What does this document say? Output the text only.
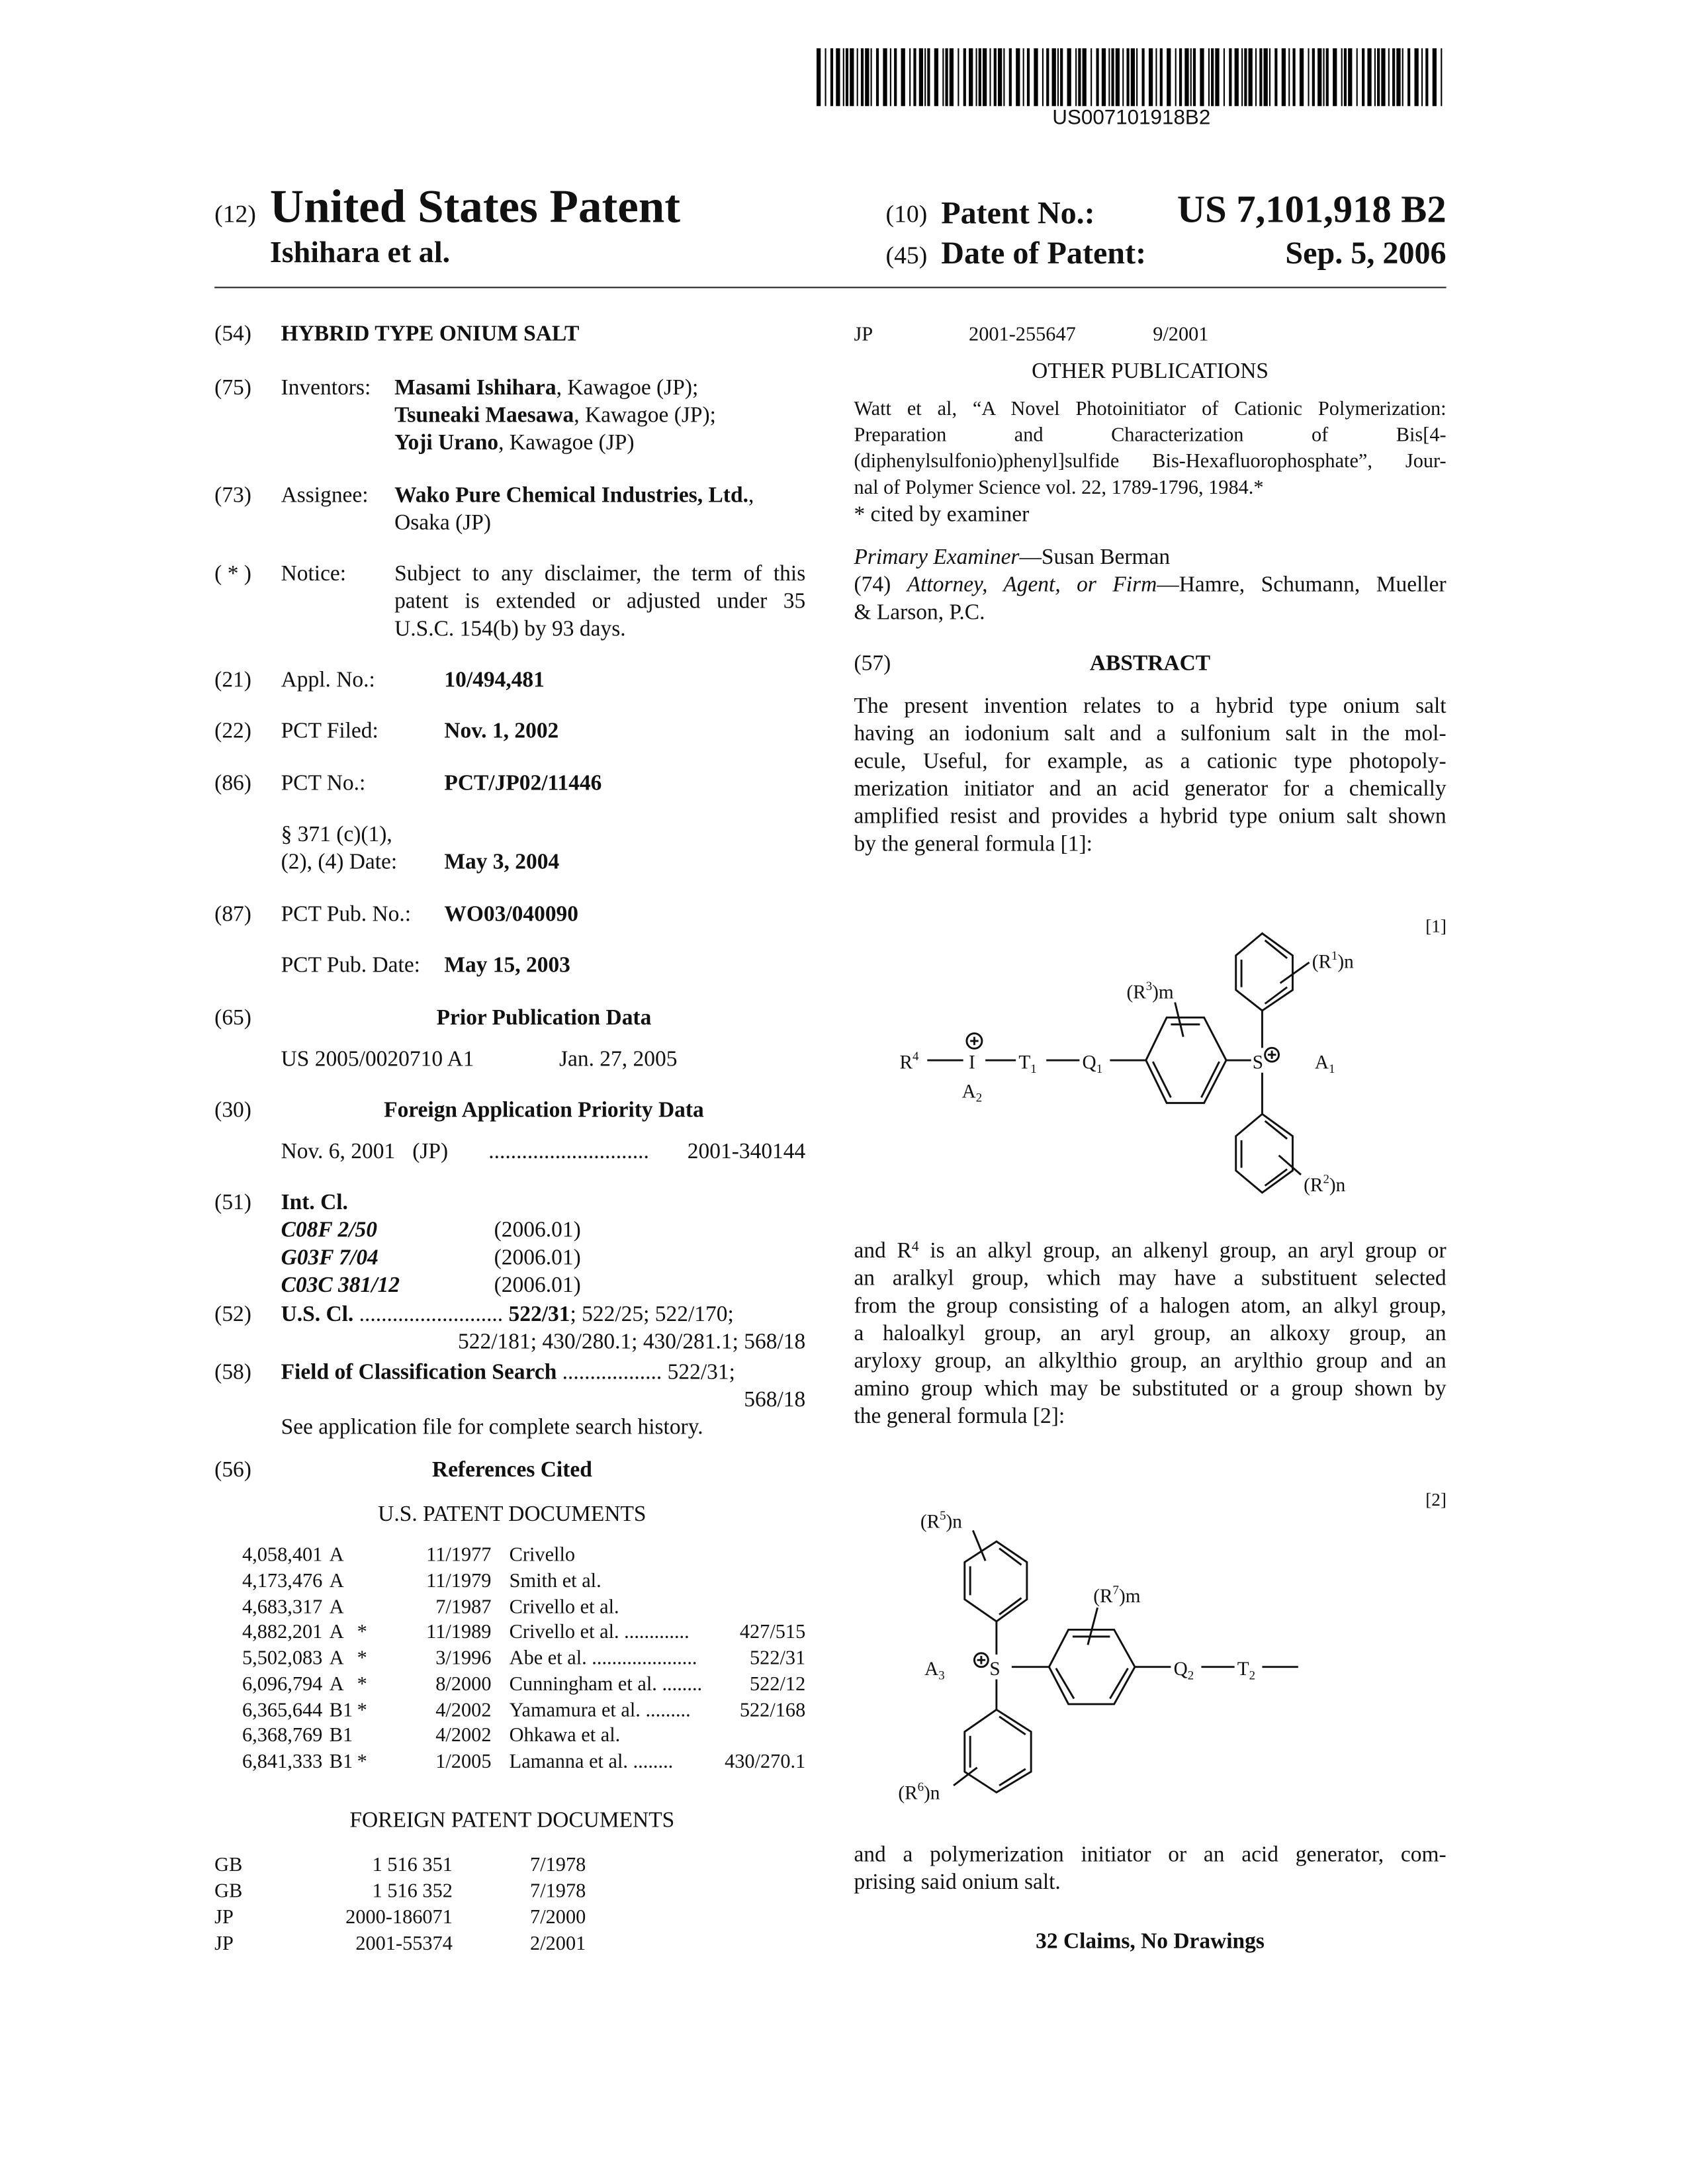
US007101918B2
(12) United States Patent
Ishihara et al.
(10) Patent No.:	US 7,101,918 B2
(45) Date of Patent:	Sep. 5, 2006
(54)	HYBRID TYPE ONIUM SALT
(75)	Inventors: Masami Ishihara, Kawagoe (JP);
Tsuneaki Maesawa, Kawagoe (JP);
Yoji Urano, Kawagoe (JP)
(73)	Assignee: Wako Pure Chemical Industries, Ltd.,
Osaka (JP)
( * )	Notice:	Subject to any disclaimer, the term of this
patent is extended or adjusted under 35
U.S.C. 154(b) by 93 days.
(21)	Appl. No.:	10/494,481
(22)	PCT Filed:	Nov. 1, 2002
(86)	PCT No.:	PCT/JP02/11446
§ 371 (c)(1),
(2), (4) Date:	May 3, 2004
(87)	PCT Pub. No.:	WO03/040090
PCT Pub. Date: May 15, 2003
(65)	Prior Publication Data
US 2005/0020710 A1	Jan. 27, 2005
(30)	Foreign Application Priority Data
Nov. 6, 2001 (JP)	.............................	2001-340144
(51)	Int. Cl.
C08F 2/50	(2006.01)
G03F 7/04	(2006.01)
C03C 381/12	(2006.01)
(52)	U.S. Cl. .......................... 522/31; 522/25; 522/170;
522/181; 430/280.1; 430/281.1; 568/18
(58)	Field of Classification Search .................. 522/31;
568/18
See application file for complete search history.
(56)	References Cited
U.S. PATENT DOCUMENTS
4,058,401 A	11/1977 Crivello
4,173,476 A	11/1979 Smith et al.
4,683,317 A	7/1987 Crivello et al.
4,882,201 A *	11/1989 Crivello et al. .............	427/515
5,502,083 A *	3/1996 Abe et al. .....................	522/31
6,096,794 A *	8/2000 Cunningham et al. ........	522/12
6,365,644 B1 *	4/2002 Yamamura et al. .........	522/168
6,368,769 B1	4/2002 Ohkawa et al.
6,841,333 B1 *	1/2005 Lamanna et al. ........	430/270.1
FOREIGN PATENT DOCUMENTS
GB	1 516 351	7/1978
GB	1 516 352	7/1978
JP	2000-186071	7/2000
JP	2001-55374	2/2001
JP	2001-255647	9/2001
OTHER PUBLICATIONS
Watt et al, “A Novel Photoinitiator of Cationic Polymerization:
Preparation and Characterization of Bis[4-
(diphenylsulfonio)phenyl]sulfide Bis-Hexafluorophosphate”, Jour-
nal of Polymer Science vol. 22, 1789-1796, 1984.*
* cited by examiner
Primary Examiner—Susan Berman
(74) Attorney, Agent, or Firm—Hamre, Schumann, Mueller
& Larson, P.C.
(57)	ABSTRACT
The present invention relates to a hybrid type onium salt
having an iodonium salt and a sulfonium salt in the mol-
ecule, Useful, for example, as a cationic type photopoly-
merization initiator and an acid generator for a chemically
amplified resist and provides a hybrid type onium salt shown
by the general formula [1]:
[1]
R4	I
A2
T1	Q1	S	A1
(R3)m
(R1)n
(R2)n
and R4 is an alkyl group, an alkenyl group, an aryl group or
an aralkyl group, which may have a substituent selected
from the group consisting of a halogen atom, an alkyl group,
a haloalkyl group, an aryl group, an alkoxy group, an
aryloxy group, an alkylthio group, an arylthio group and an
amino group which may be substituted or a group shown by
the general formula [2]:
[2]
(R5)n
(R7)m
A3	S	Q2	T2
(R6)n
and a polymerization initiator or an acid generator, com-
prising said onium salt.
32 Claims, No Drawings
